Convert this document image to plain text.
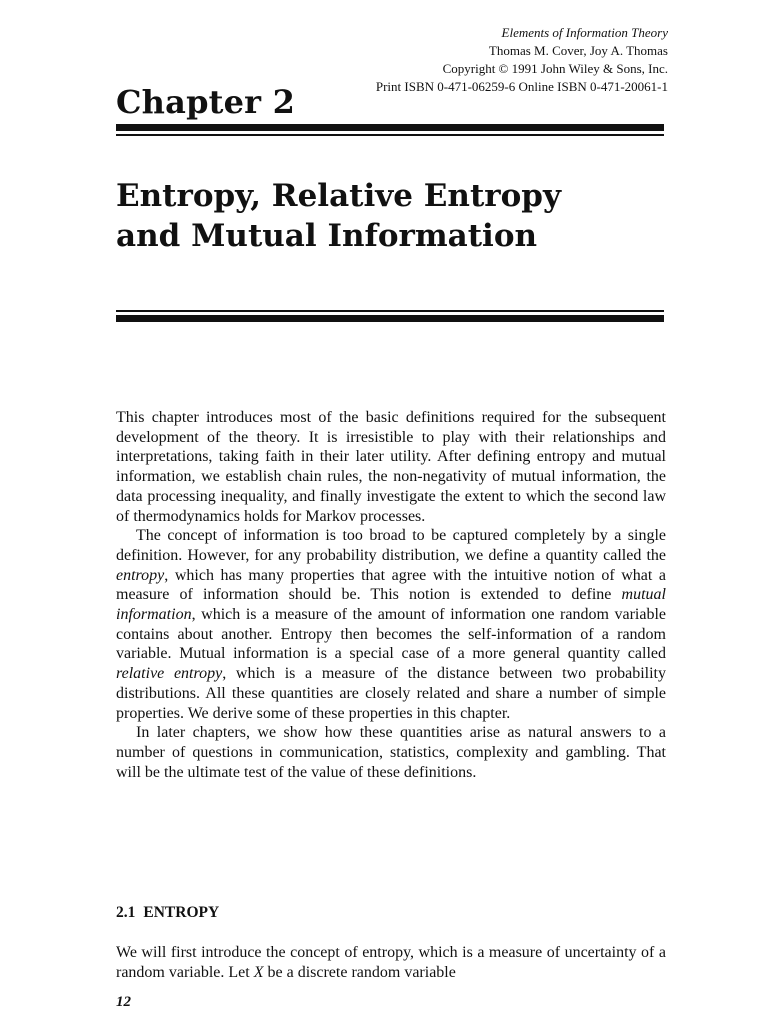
Elements of Information Theory
Thomas M. Cover, Joy A. Thomas
Copyright © 1991 John Wiley & Sons, Inc.
Print ISBN 0-471-06259-6 Online ISBN 0-471-20061-1
Chapter 2
Entropy, Relative Entropy
and Mutual Information

This chapter introduces most of the basic definitions required for the subsequent development of the theory. It is irresistible to play with their relationships and interpretations, taking faith in their later utility. After defining entropy and mutual information, we establish chain rules, the non-negativity of mutual information, the data processing inequality, and finally investigate the extent to which the second law of thermodynamics holds for Markov processes.

The concept of information is too broad to be captured completely by a single definition. However, for any probability distribution, we define a quantity called the entropy, which has many properties that agree with the intuitive notion of what a measure of information should be. This notion is extended to define mutual information, which is a measure of the amount of information one random variable contains about another. Entropy then becomes the self-information of a random variable. Mutual information is a special case of a more general quantity called relative entropy, which is a measure of the distance between two probability distributions. All these quantities are closely related and share a number of simple properties. We derive some of these properties in this chapter.

In later chapters, we show how these quantities arise as natural answers to a number of questions in communication, statistics, complexity and gambling. That will be the ultimate test of the value of these definitions.

2.1 ENTROPY

We will first introduce the concept of entropy, which is a measure of uncertainty of a random variable. Let X be a discrete random variable

12
